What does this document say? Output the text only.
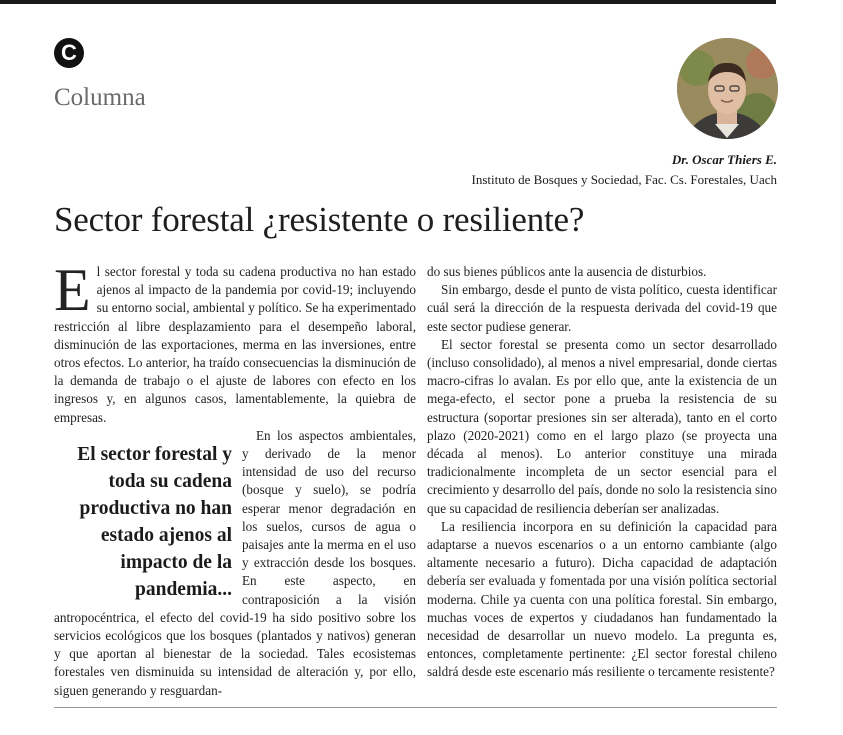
C
Columna
Dr. Oscar Thiers E.
Instituto de Bosques y Sociedad, Fac. Cs. Forestales, Uach
Sector forestal ¿resistente o resiliente?

E l sector forestal y toda su cadena productiva no han estado ajenos al impacto de la pandemia por covid-19; incluyendo su entorno social, ambiental y político. Se ha experimentado restricción al libre desplazamiento para el desempeño laboral, disminución de las exportaciones, merma en las inversiones, entre otros efectos. Lo anterior, ha traído consecuencias la disminución de la demanda de trabajo o el ajuste de labores con efecto en los ingresos y, en algunos casos, lamentablemente, la quiebra de empresas.

El sector forestal y toda su cadena productiva no han estado ajenos al impacto de la pandemia...

En los aspectos ambientales, y derivado de la menor intensidad de uso del recurso (bosque y suelo), se podría esperar menor degradación en los suelos, cursos de agua o paisajes ante la merma en el uso y extracción desde los bosques. En este aspecto, en contraposición a la visión antropocéntrica, el efecto del covid-19 ha sido positivo sobre los servicios ecológicos que los bosques (plantados y nativos) generan y que aportan al bienestar de la sociedad. Tales ecosistemas forestales ven disminuida su intensidad de alteración y, por ello, siguen generando y resguardan-

do sus bienes públicos ante la ausencia de disturbios.

Sin embargo, desde el punto de vista político, cuesta identificar cuál será la dirección de la respuesta derivada del covid-19 que este sector pudiese generar.

El sector forestal se presenta como un sector desarrollado (incluso consolidado), al menos a nivel empresarial, donde ciertas macro-cifras lo avalan. Es por ello que, ante la existencia de un mega-efecto, el sector pone a prueba la resistencia de su estructura (soportar presiones sin ser alterada), tanto en el corto plazo (2020-2021) como en el largo plazo (se proyecta una década al menos). Lo anterior constituye una mirada tradicionalmente incompleta de un sector esencial para el crecimiento y desarrollo del país, donde no solo la resistencia sino que su capacidad de resiliencia deberían ser analizadas.

La resiliencia incorpora en su definición la capacidad para adaptarse a nuevos escenarios o a un entorno cambiante (algo altamente necesario a futuro). Dicha capacidad de adaptación debería ser evaluada y fomentada por una visión política sectorial moderna. Chile ya cuenta con una política forestal. Sin embargo, muchas voces de expertos y ciudadanos han fundamentado la necesidad de desarrollar un nuevo modelo. La pregunta es, entonces, completamente pertinente: ¿El sector forestal chileno saldrá desde este escenario más resiliente o tercamente resistente?
